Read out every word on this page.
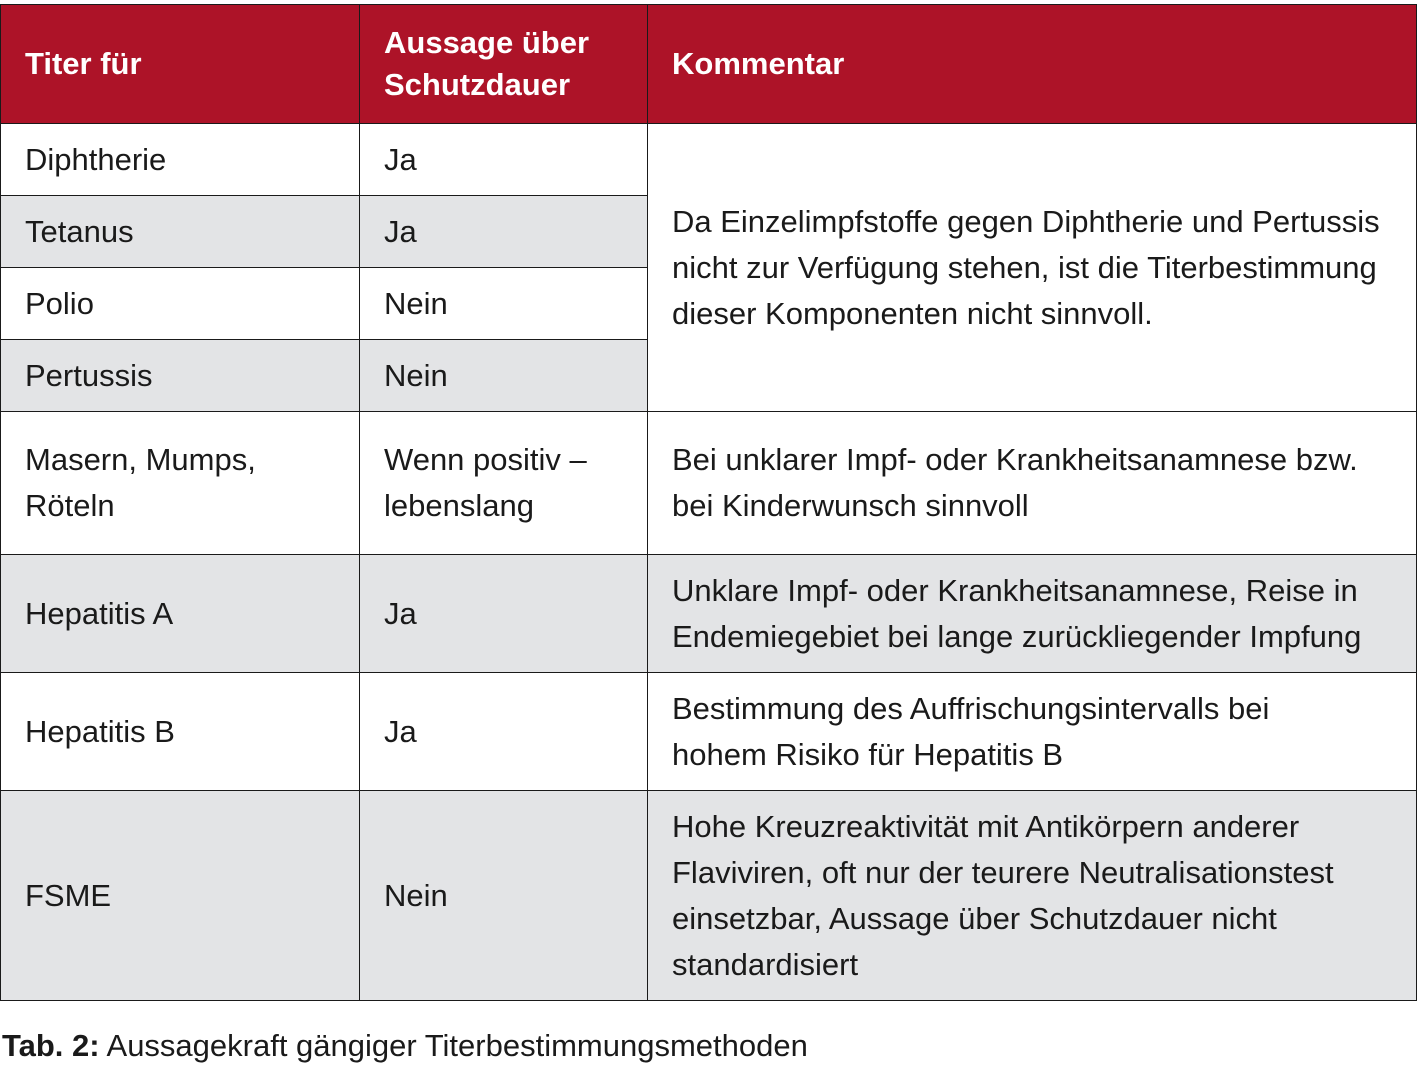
Titer für	Aussage über Schutzdauer	Kommentar
Diphtherie	Ja	Da Einzelimpfstoffe gegen Diphtherie und Pertussis nicht zur Verfügung stehen, ist die Titerbestimmung dieser Komponenten nicht sinnvoll.
Tetanus	Ja	
Polio	Nein	
Pertussis	Nein	
Masern, Mumps, Röteln	Wenn positiv – lebenslang	Bei unklarer Impf- oder Krankheitsanamnese bzw. bei Kinderwunsch sinnvoll
Hepatitis A	Ja	Unklare Impf- oder Krankheitsanamnese, Reise in Endemiegebiet bei lange zurückliegender Impfung
Hepatitis B	Ja	Bestimmung des Auffrischungsintervalls bei hohem Risiko für Hepatitis B
FSME	Nein	Hohe Kreuzreaktivität mit Antikörpern anderer Flaviviren, oft nur der teurere Neutralisationstest einsetzbar, Aussage über Schutzdauer nicht standardisiert
Tab. 2: Aussagekraft gängiger Titerbestimmungsmethoden
